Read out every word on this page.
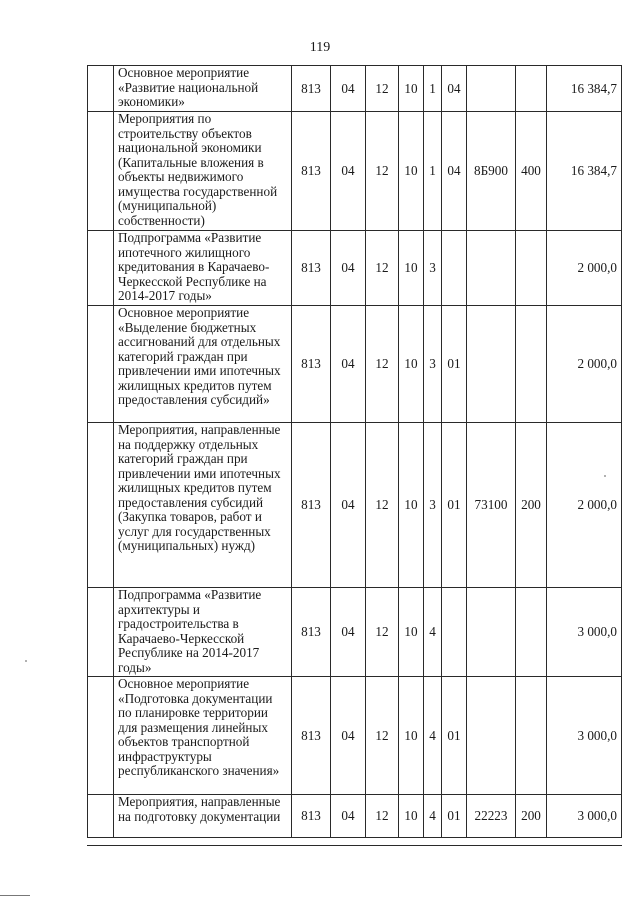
119
	Основное мероприятие «Развитие национальной экономики»	813	04	12	10	1	04			16 384,7
	Мероприятия по строительству объектов национальной экономики (Капитальные вложения в объекты недвижимого имущества государственной (муниципальной) собственности)	813	04	12	10	1	04	8Б900	400	16 384,7
	Подпрограмма «Развитие ипотечного жилищного кредитования в Карачаево-Черкесской Республике на 2014-2017 годы»	813	04	12	10	3				2 000,0
	Основное мероприятие «Выделение бюджетных ассигнований для отдельных категорий граждан при привлечении ими ипотечных жилищных кредитов путем предоставления субсидий»	813	04	12	10	3	01			2 000,0
	Мероприятия, направленные на поддержку отдельных категорий граждан при привлечении ими ипотечных жилищных кредитов путем предоставления субсидий (Закупка товаров, работ и услуг для государственных (муниципальных) нужд)	813	04	12	10	3	01	73100	200	2 000,0
	Подпрограмма «Развитие архитектуры и градостроительства в Карачаево-Черкесской Республике на 2014-2017 годы»	813	04	12	10	4				3 000,0
	Основное мероприятие «Подготовка документации по планировке территории для размещения линейных объектов транспортной инфраструктуры республиканского значения»	813	04	12	10	4	01			3 000,0
	Мероприятия, направленные на подготовку документации	813	04	12	10	4	01	22223	200	3 000,0
